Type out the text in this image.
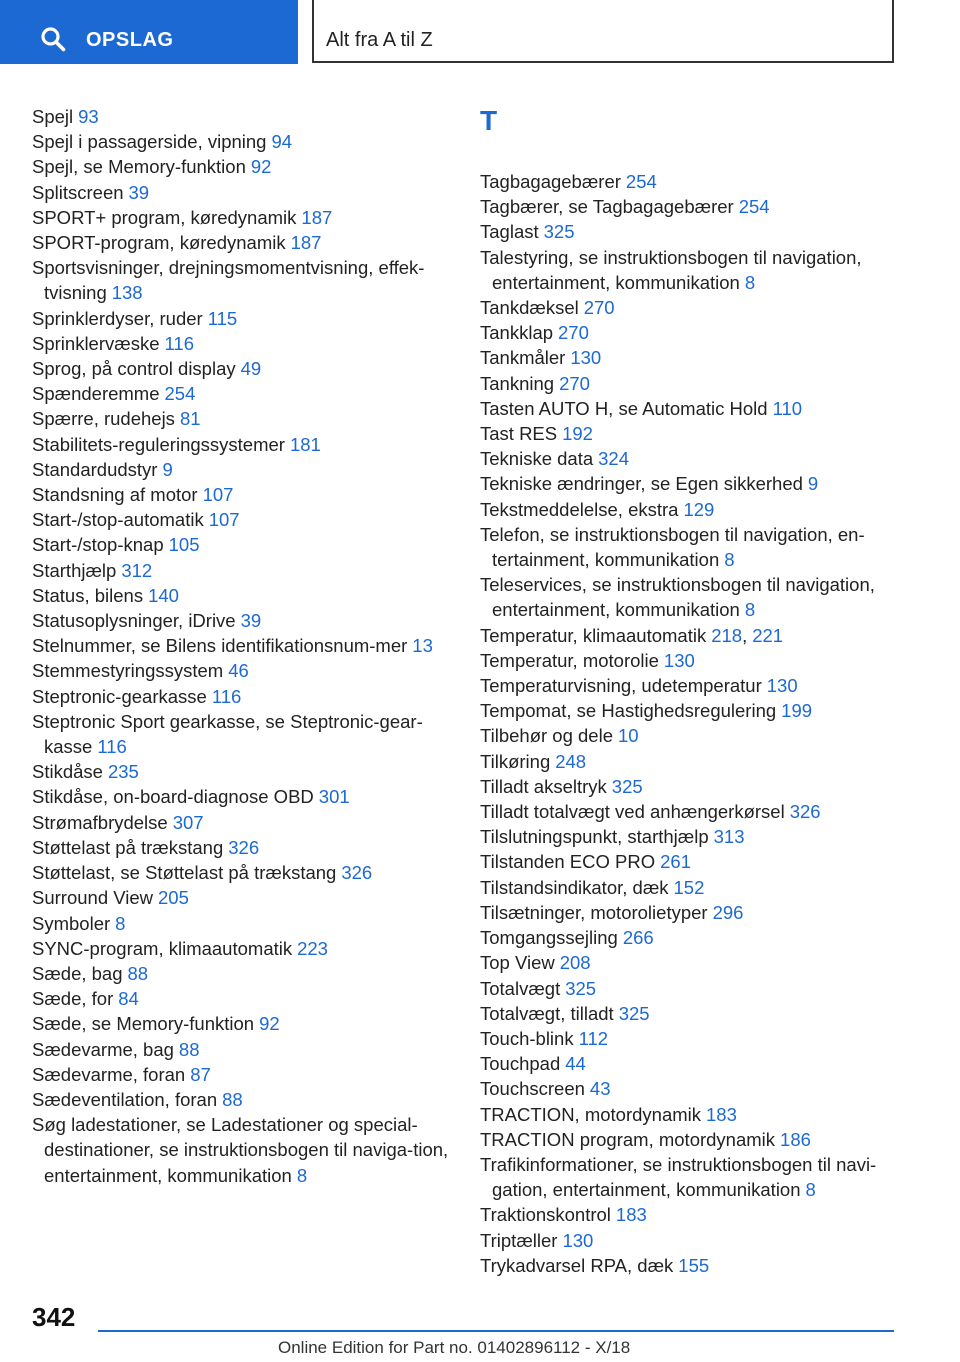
OPSLAG	Alt fra A til Z
Spejl 93
Spejl i passagerside, vipning 94
Spejl, se Memory-funktion 92
Splitscreen 39
SPORT+ program, køredynamik 187
SPORT-program, køredynamik 187
Sportsvisninger, drejningsmomentvisning, effek‐tvisning 138
Sprinklerdyser, ruder 115
Sprinklervæske 116
Sprog, på control display 49
Spænderemme 254
Spærre, rudehejs 81
Stabilitets-reguleringssystemer 181
Standardudstyr 9
Standsning af motor 107
Start-/stop-automatik 107
Start-/stop-knap 105
Starthjælp 312
Status, bilens 140
Statusoplysninger, iDrive 39
Stelnummer, se Bilens identifikationsnum‐mer 13
Stemmestyringssystem 46
Steptronic-gearkasse 116
Steptronic Sport gearkasse, se Steptronic-gear‐kasse 116
Stikdåse 235
Stikdåse, on-board-diagnose OBD 301
Strømafbrydelse 307
Støttelast på trækstang 326
Støttelast, se Støttelast på trækstang 326
Surround View 205
Symboler 8
SYNC-program, klimaautomatik 223
Sæde, bag 88
Sæde, for 84
Sæde, se Memory-funktion 92
Sædevarme, bag 88
Sædevarme, foran 87
Sædeventilation, foran 88
Søg ladestationer, se Ladestationer og special‐destinationer, se instruktionsbogen til naviga‐tion, entertainment, kommunikation 8
T
Tagbagagebærer 254
Tagbærer, se Tagbagagebærer 254
Taglast 325
Talestyring, se instruktionsbogen til navigation, entertainment, kommunikation 8
Tankdæksel 270
Tankklap 270
Tankmåler 130
Tankning 270
Tasten AUTO H, se Automatic Hold 110
Tast RES 192
Tekniske data 324
Tekniske ændringer, se Egen sikkerhed 9
Tekstmeddelelse, ekstra 129
Telefon, se instruktionsbogen til navigation, en‐tertainment, kommunikation 8
Teleservices, se instruktionsbogen til navigation, entertainment, kommunikation 8
Temperatur, klimaautomatik 218, 221
Temperatur, motorolie 130
Temperaturvisning, udetemperatur 130
Tempomat, se Hastighedsregulering 199
Tilbehør og dele 10
Tilkøring 248
Tilladt akseltryk 325
Tilladt totalvægt ved anhængerkørsel 326
Tilslutningspunkt, starthjælp 313
Tilstanden ECO PRO 261
Tilstandsindikator, dæk 152
Tilsætninger, motorolietyper 296
Tomgangssejling 266
Top View 208
Totalvægt 325
Totalvægt, tilladt 325
Touch-blink 112
Touchpad 44
Touchscreen 43
TRACTION, motordynamik 183
TRACTION program, motordynamik 186
Trafikinformationer, se instruktionsbogen til navi‐gation, entertainment, kommunikation 8
Traktionskontrol 183
Triptæller 130
Trykadvarsel RPA, dæk 155
342
Online Edition for Part no. 01402896112 - X/18
